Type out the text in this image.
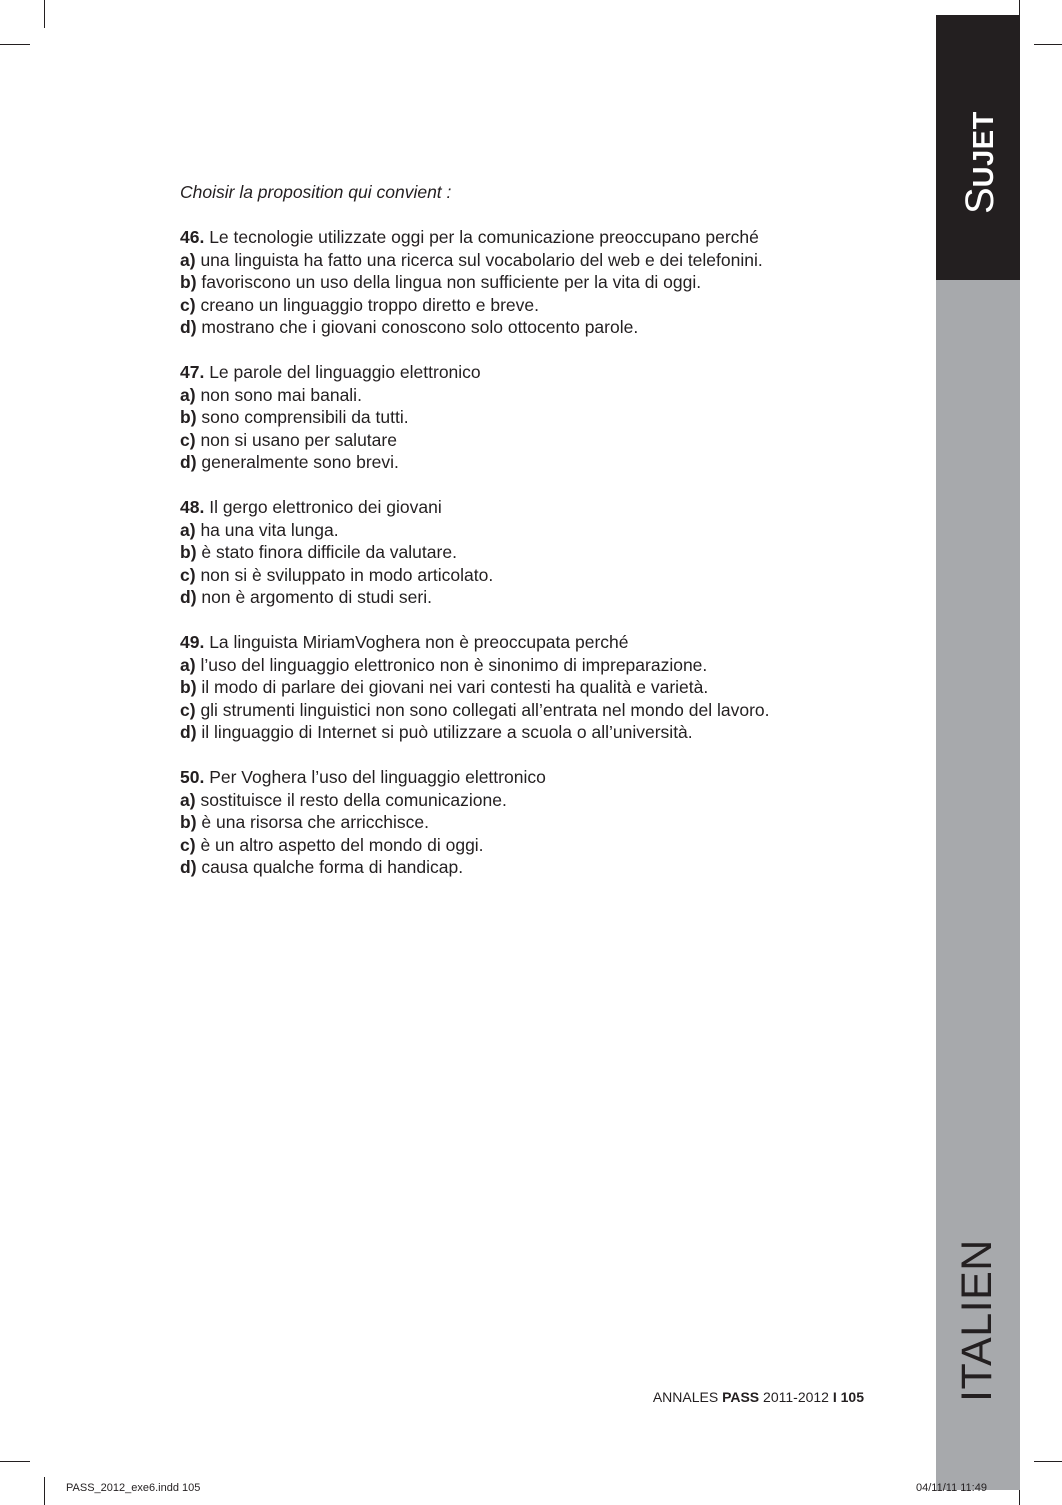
SUJET
ITALIEN
Choisir la proposition qui convient :
46. Le tecnologie utilizzate oggi per la comunicazione preoccupano perché
a) una linguista ha fatto una ricerca sul vocabolario del web e dei telefonini.
b) favoriscono un uso della lingua non sufficiente per la vita di oggi.
c) creano un linguaggio troppo diretto e breve.
d) mostrano che i giovani conoscono solo ottocento parole.
47. Le parole del linguaggio elettronico
a) non sono mai banali.
b) sono comprensibili da tutti.
c) non si usano per salutare
d) generalmente sono brevi.
48. Il gergo elettronico dei giovani
a) ha una vita lunga.
b) è stato finora difficile da valutare.
c) non si è sviluppato in modo articolato.
d) non è argomento di studi seri.
49. La linguista MiriamVoghera non è preoccupata perché
a) l’uso del linguaggio elettronico non è sinonimo di impreparazione.
b) il modo di parlare dei giovani nei vari contesti ha qualità e varietà.
c) gli strumenti linguistici non sono collegati all’entrata nel mondo del lavoro.
d) il linguaggio di Internet si può utilizzare a scuola o all’università.
50. Per Voghera l’uso del linguaggio elettronico
a) sostituisce il resto della comunicazione.
b) è una risorsa che arricchisce.
c) è un altro aspetto del mondo di oggi.
d) causa qualche forma di handicap.
ANNALES PASS 2011-2012 I 105
PASS_2012_exe6.indd 105	04/11/11 11:49
